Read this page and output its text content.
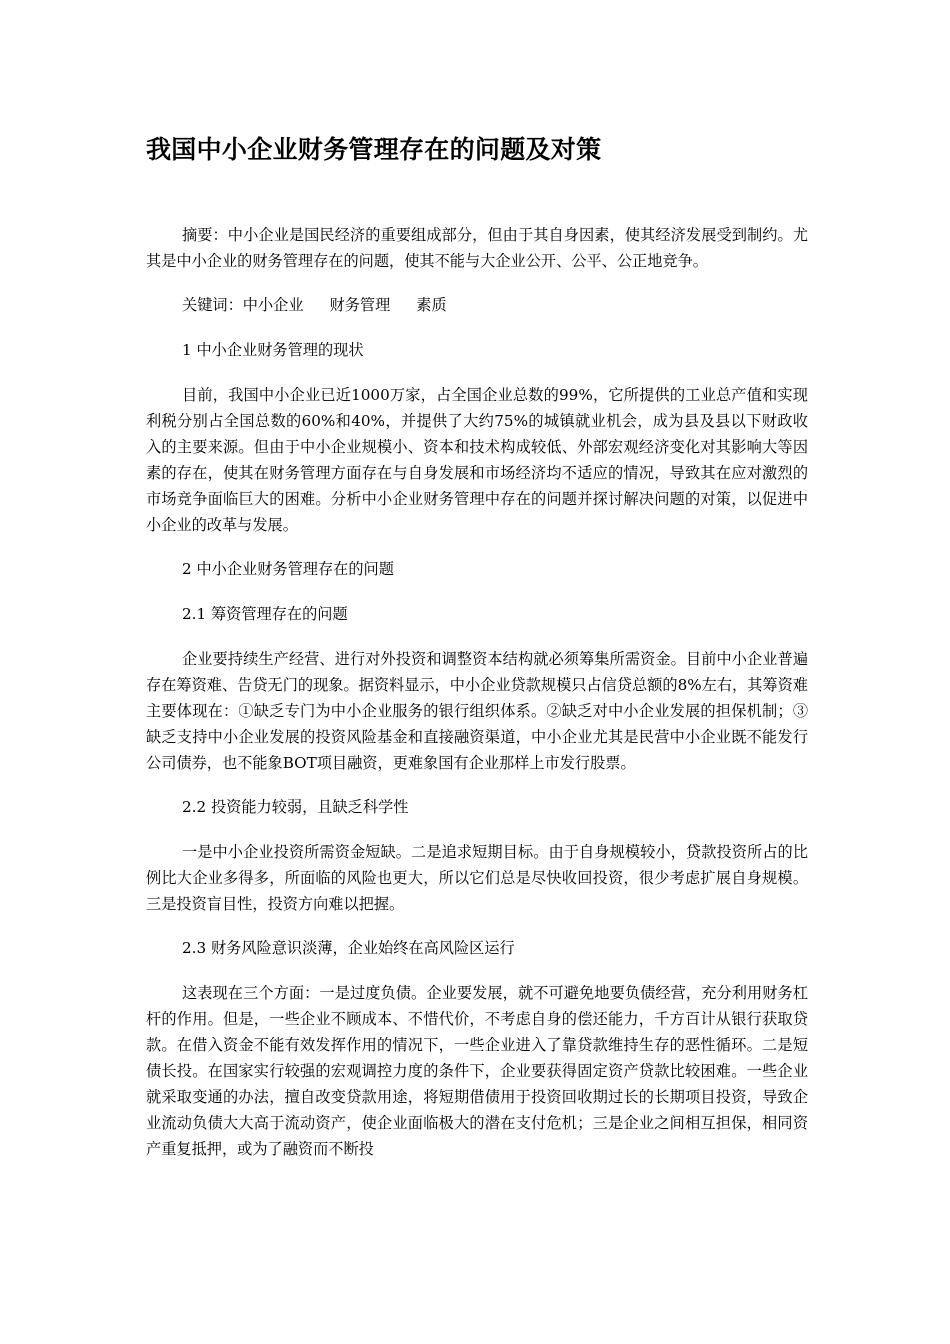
我国中小企业财务管理存在的问题及对策

摘要：中小企业是国民经济的重要组成部分，但由于其自身因素，使其经济发展受到制约。尤其是中小企业的财务管理存在的问题，使其不能与大企业公开、公平、公正地竞争。

关键词：中小企业 财务管理 素质

1 中小企业财务管理的现状

目前，我国中小企业已近1000万家，占全国企业总数的99%，它所提供的工业总产值和实现利税分别占全国总数的60%和40%，并提供了大约75%的城镇就业机会，成为县及县以下财政收入的主要来源。但由于中小企业规模小、资本和技术构成较低、外部宏观经济变化对其影响大等因素的存在，使其在财务管理方面存在与自身发展和市场经济均不适应的情况，导致其在应对激烈的市场竞争面临巨大的困难。分析中小企业财务管理中存在的问题并探讨解决问题的对策，以促进中小企业的改革与发展。

2 中小企业财务管理存在的问题

2.1 筹资管理存在的问题

企业要持续生产经营、进行对外投资和调整资本结构就必须筹集所需资金。目前中小企业普遍存在筹资难、告贷无门的现象。据资料显示，中小企业贷款规模只占信贷总额的8%左右，其筹资难主要体现在：①缺乏专门为中小企业服务的银行组织体系。②缺乏对中小企业发展的担保机制；③缺乏支持中小企业发展的投资风险基金和直接融资渠道，中小企业尤其是民营中小企业既不能发行公司债券，也不能象BOT项目融资，更难象国有企业那样上市发行股票。

2.2 投资能力较弱，且缺乏科学性

一是中小企业投资所需资金短缺。二是追求短期目标。由于自身规模较小，贷款投资所占的比例比大企业多得多，所面临的风险也更大，所以它们总是尽快收回投资，很少考虑扩展自身规模。三是投资盲目性，投资方向难以把握。

2.3 财务风险意识淡薄，企业始终在高风险区运行

这表现在三个方面：一是过度负债。企业要发展，就不可避免地要负债经营，充分利用财务杠杆的作用。但是，一些企业不顾成本、不惜代价，不考虑自身的偿还能力，千方百计从银行获取贷款。在借入资金不能有效发挥作用的情况下，一些企业进入了靠贷款维持生存的恶性循环。二是短债长投。在国家实行较强的宏观调控力度的条件下，企业要获得固定资产贷款比较困难。一些企业就采取变通的办法，擅自改变贷款用途，将短期借债用于投资回收期过长的长期项目投资，导致企业流动负债大大高于流动资产，使企业面临极大的潜在支付危机；三是企业之间相互担保，相同资产重复抵押，或为了融资而不断投
